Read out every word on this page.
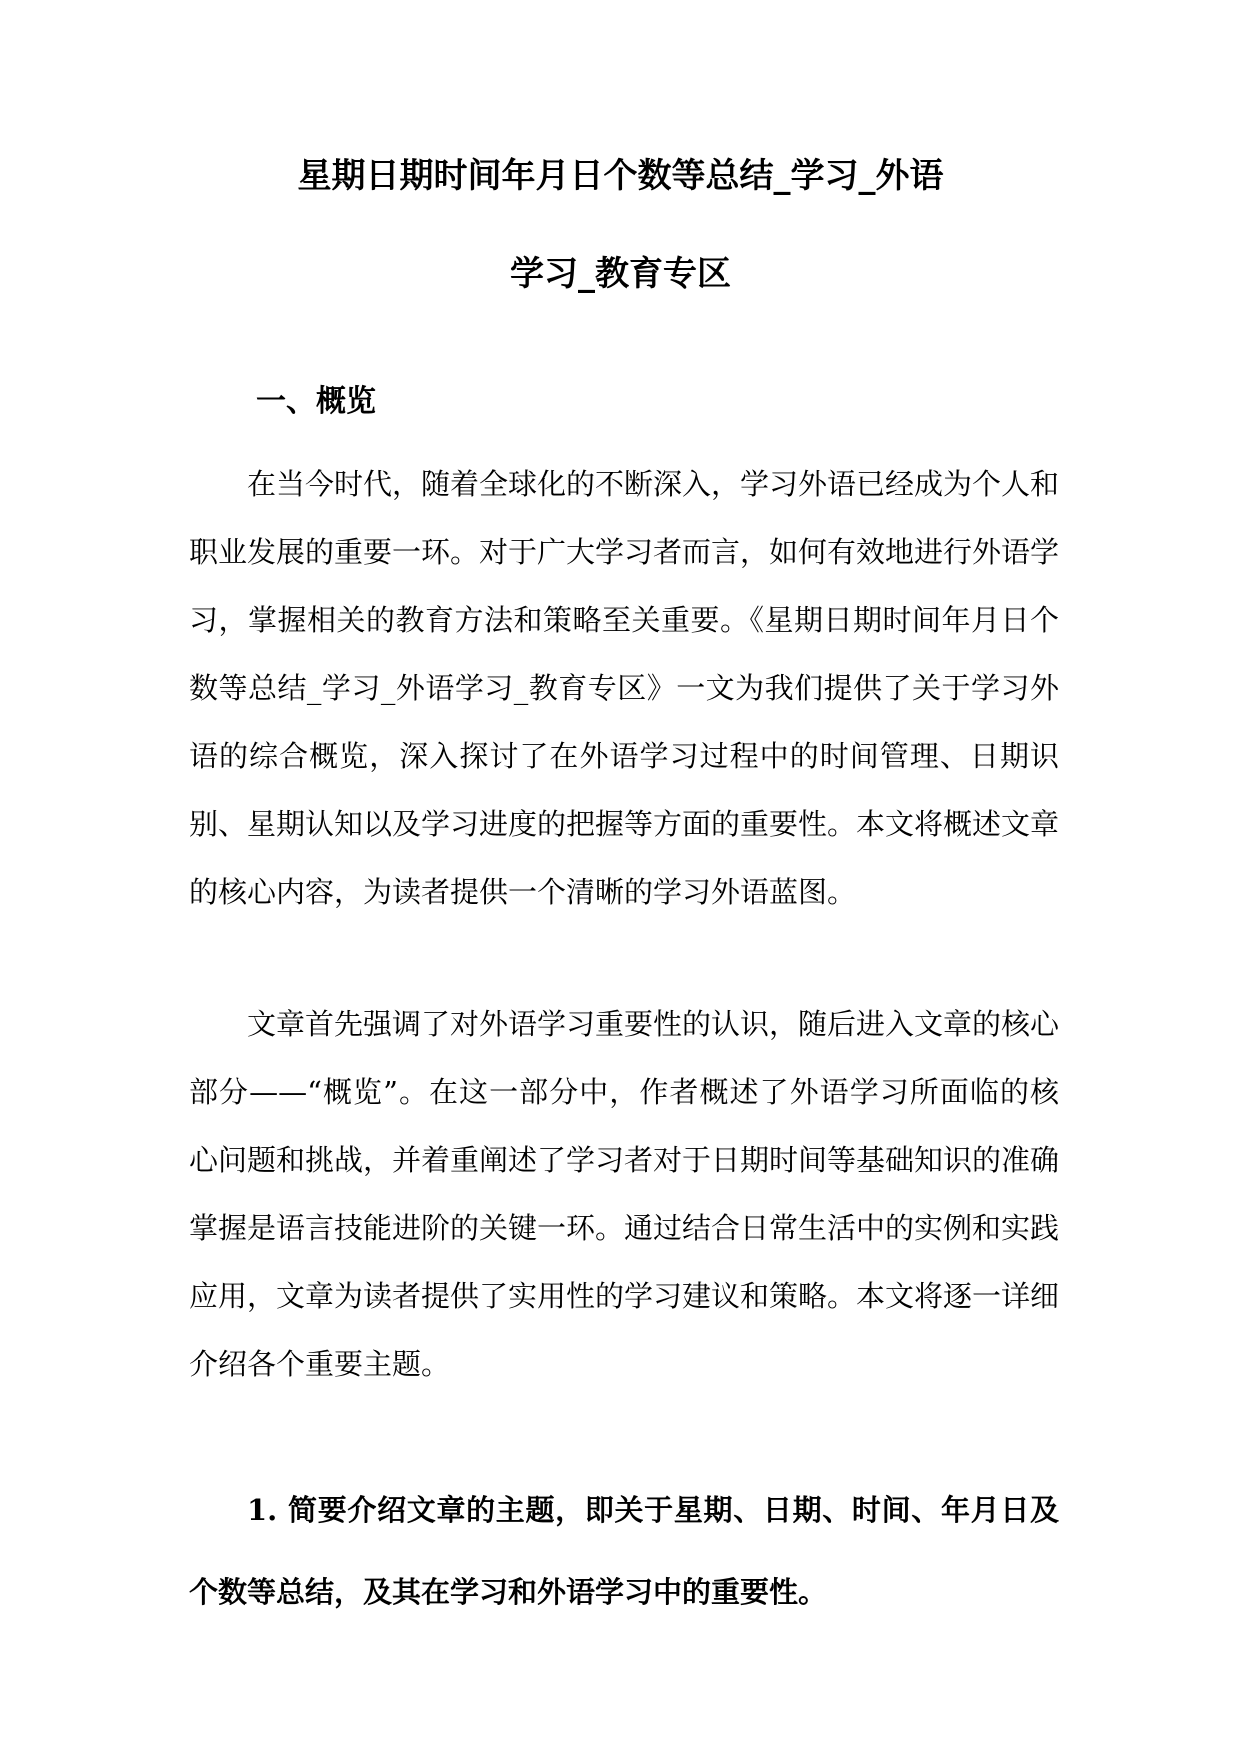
星期日期时间年月日个数等总结_学习_外语
学习_教育专区
一、概览

在当今时代，随着全球化的不断深入，学习外语已经成为个人和职业发展的重要一环。对于广大学习者而言，如何有效地进行外语学习，掌握相关的教育方法和策略至关重要。《星期日期时间年月日个数等总结_学习_外语学习_教育专区》一文为我们提供了关于学习外语的综合概览，深入探讨了在外语学习过程中的时间管理、日期识别、星期认知以及学习进度的把握等方面的重要性。本文将概述文章的核心内容，为读者提供一个清晰的学习外语蓝图。

文章首先强调了对外语学习重要性的认识，随后进入文章的核心部分——“概览”。在这一部分中，作者概述了外语学习所面临的核心问题和挑战，并着重阐述了学习者对于日期时间等基础知识的准确掌握是语言技能进阶的关键一环。通过结合日常生活中的实例和实践应用，文章为读者提供了实用性的学习建议和策略。本文将逐一详细介绍各个重要主题。

1. 简要介绍文章的主题，即关于星期、日期、时间、年月日及个数等总结，及其在学习和外语学习中的重要性。
